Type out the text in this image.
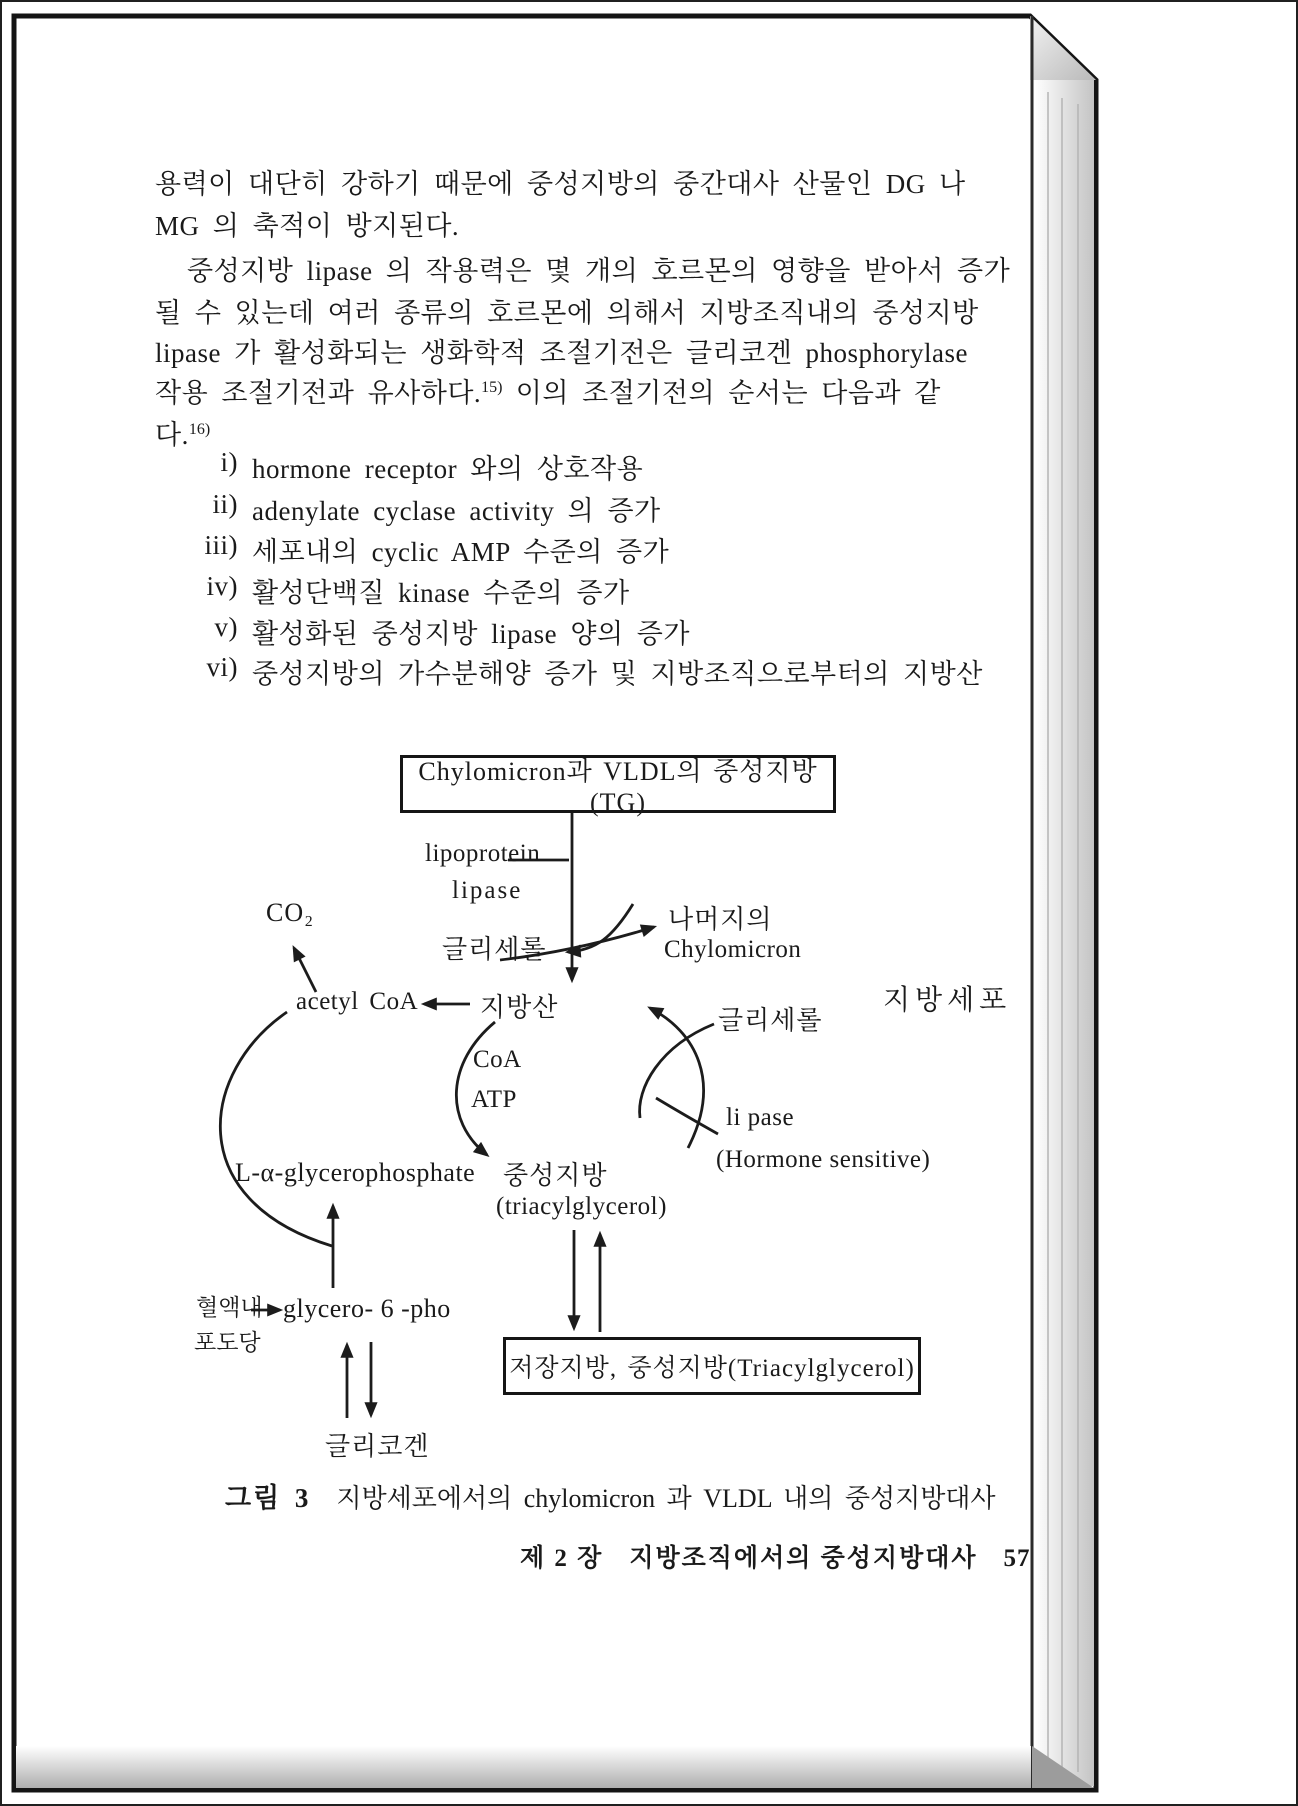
용력이 대단히 강하기 때문에 중성지방의 중간대사 산물인 DG 나
MG 의 축적이 방지된다.
중성지방 lipase 의 작용력은 몇 개의 호르몬의 영향을 받아서 증가
될 수 있는데 여러 종류의 호르몬에 의해서 지방조직내의 중성지방
lipase 가 활성화되는 생화학적 조절기전은 글리코겐 phosphorylase
작용 조절기전과 유사하다.$^{15)}$ 이의 조절기전의 순서는 다음과 같
다.$^{16)}$
i) hormone receptor 와의 상호작용
ii) adenylate cyclase activity 의 증가
iii) 세포내의 cyclic AMP 수준의 증가
iv) 활성단백질 kinase 수준의 증가
v) 활성화된 중성지방 lipase 양의 증가
vi) 중성지방의 가수분해양 증가 및 지방조직으로부터의 지방산
Chylomicron과 VLDL의 중성지방(TG)
저장지방, 중성지방(Triacylglycerol)
lipoprotein
lipase
CO₂
글리세롤
나머지의
Chylomicron
acetyl CoA 지방산	지방세포
CoA
ATP
글리세롤
li pase
(Hormone sensitive)
L-α-glycerophosphate 중성지방
(triacylglycerol)
혈액내
포도당
glycero- 6 -pho
글리코겐
그림 3 지방세포에서의 chylomicron 과 VLDL 내의 중성지방대사
제 2 장 지방조직에서의 중성지방대사 57
